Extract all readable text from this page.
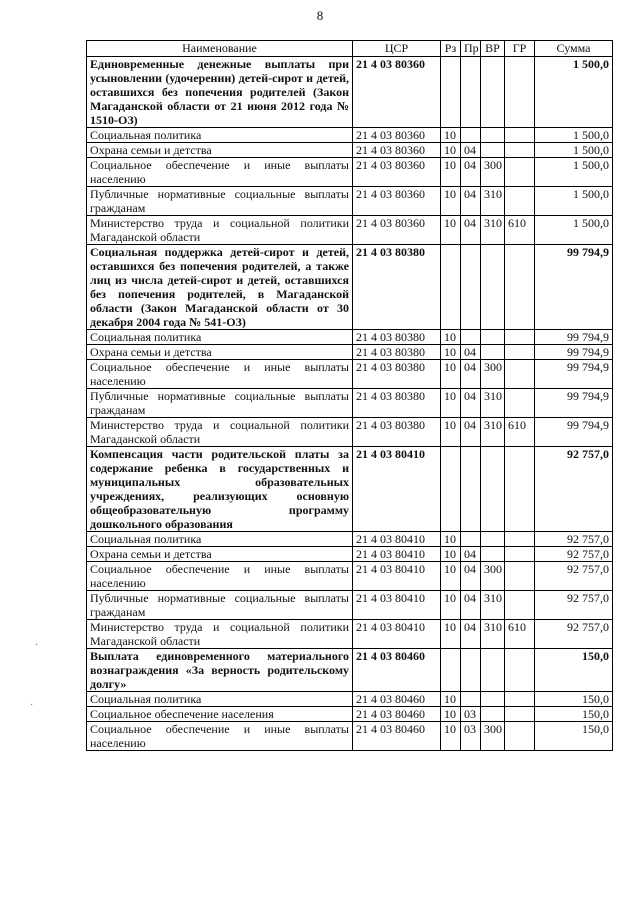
8
Наименование	ЦСР	Рз	Пр	ВР	ГР	Сумма
Единовременные денежные выплаты при усыновлении (удочерении) детей-сирот и детей, оставшихся без попечения родителей (Закон Магаданской области от 21 июня 2012 года № 1510-ОЗ)	21 4 03 80360					1 500,0
Социальная политика	21 4 03 80360	10				1 500,0
Охрана семьи и детства	21 4 03 80360	10	04			1 500,0
Социальное обеспечение и иные выплаты населению	21 4 03 80360	10	04	300		1 500,0
Публичные нормативные социальные выплаты гражданам	21 4 03 80360	10	04	310		1 500,0
Министерство труда и социальной политики Магаданской области	21 4 03 80360	10	04	310	610	1 500,0
Социальная поддержка детей-сирот и детей, оставшихся без попечения родителей, а также лиц из числа детей-сирот и детей, оставшихся без попечения родителей, в Магаданской области (Закон Магаданской области от 30 декабря 2004 года № 541-ОЗ)	21 4 03 80380					99 794,9
Социальная политика	21 4 03 80380	10				99 794,9
Охрана семьи и детства	21 4 03 80380	10	04			99 794,9
Социальное обеспечение и иные выплаты населению	21 4 03 80380	10	04	300		99 794,9
Публичные нормативные социальные выплаты гражданам	21 4 03 80380	10	04	310		99 794,9
Министерство труда и социальной политики Магаданской области	21 4 03 80380	10	04	310	610	99 794,9
Компенсация части родительской платы за содержание ребенка в государственных и муниципальных образовательных учреждениях, реализующих основную общеобразовательную программу дошкольного образования	21 4 03 80410					92 757,0
Социальная политика	21 4 03 80410	10				92 757,0
Охрана семьи и детства	21 4 03 80410	10	04			92 757,0
Социальное обеспечение и иные выплаты населению	21 4 03 80410	10	04	300		92 757,0
Публичные нормативные социальные выплаты гражданам	21 4 03 80410	10	04	310		92 757,0
Министерство труда и социальной политики Магаданской области	21 4 03 80410	10	04	310	610	92 757,0
Выплата единовременного материального вознаграждения «За верность родительскому долгу»	21 4 03 80460					150,0
Социальная политика	21 4 03 80460	10				150,0
Социальное обеспечение населения	21 4 03 80460	10	03			150,0
Социальное обеспечение и иные выплаты населению	21 4 03 80460	10	03	300		150,0
·
·
